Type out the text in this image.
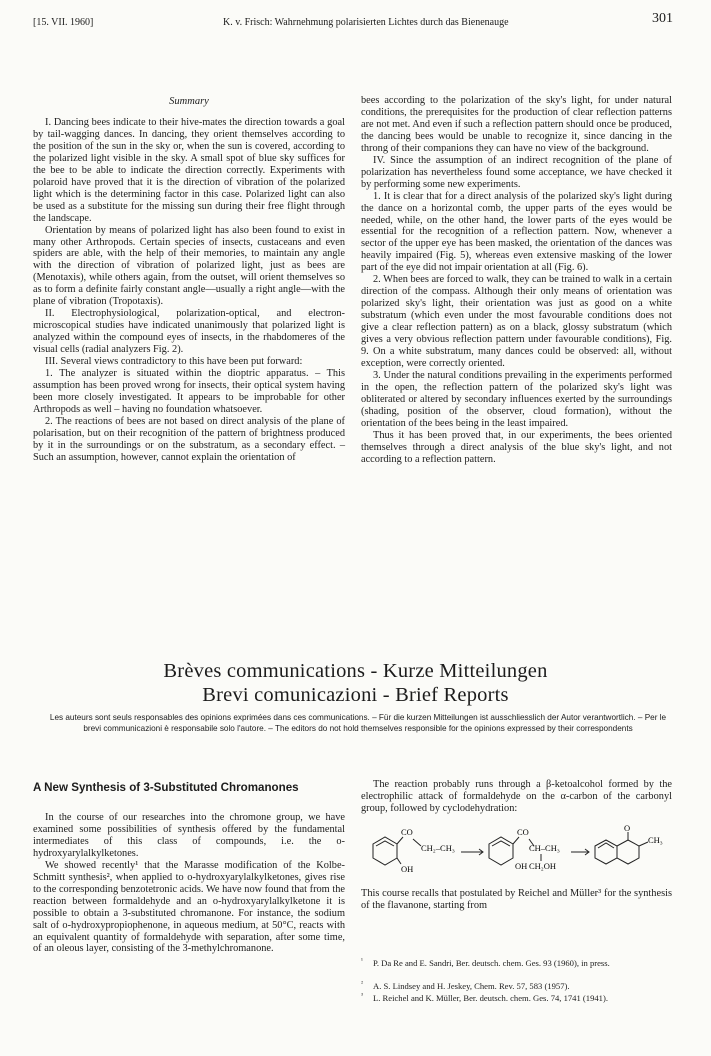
[15. VII. 1960]	K. v. Frisch: Wahrnehmung polarisierten Lichtes durch das Bienenauge	301
Summary

I. Dancing bees indicate to their hive-mates the direction towards a goal by tail-wagging dances. In dancing, they orient themselves according to the position of the sun in the sky or, when the sun is covered, according to the polarized light visible in the sky. A small spot of blue sky suffices for the bee to be able to indicate the direction correctly. Experiments with polaroid have proved that it is the direction of vibration of the polarized light which is the determining factor in this case. Polarized light can also be used as a substitute for the missing sun during their free flight through the landscape.

Orientation by means of polarized light has also been found to exist in many other Arthropods. Certain species of insects, custaceans and even spiders are able, with the help of their memories, to maintain any angle with the direction of vibration of polarized light, just as bees are (Menotaxis), while others again, from the outset, will orient themselves so as to form a definite fairly constant angle—usually a right angle—with the plane of vibration (Tropotaxis).

II. Electrophysiological, polarization-optical, and electron-microscopical studies have indicated unanimously that polarized light is analyzed within the compound eyes of insects, in the rhabdomeres of the visual cells (radial analyzers Fig. 2).

III. Several views contradictory to this have been put forward:

1. The analyzer is situated within the dioptric apparatus. – This assumption has been proved wrong for insects, their optical system having been more closely investigated. It appears to be improbable for other Arthropods as well – having no foundation whatsoever.

2. The reactions of bees are not based on direct analysis of the plane of polarisation, but on their recognition of the pattern of brightness produced by it in the surroundings or on the substratum, as a secondary effect. – Such an assumption, however, cannot explain the orientation of

bees according to the polarization of the sky's light, for under natural conditions, the prerequisites for the production of clear reflection patterns are not met. And even if such a reflection pattern should once be produced, the dancing bees would be unable to recognize it, since dancing in the throng of their companions they can have no view of the background.

IV. Since the assumption of an indirect recognition of the plane of polarization has nevertheless found some acceptance, we have checked it by performing some new experiments.

1. It is clear that for a direct analysis of the polarized sky's light during the dance on a horizontal comb, the upper parts of the eyes would be needed, while, on the other hand, the lower parts of the eyes would be essential for the recognition of a reflection pattern. Now, whenever a sector of the upper eye has been masked, the orientation of the dances was heavily impaired (Fig. 5), whereas even extensive masking of the lower part of the eye did not impair orientation at all (Fig. 6).

2. When bees are forced to walk, they can be trained to walk in a certain direction of the compass. Although their only means of orientation was polarized sky's light, their orientation was just as good on a white substratum (which even under the most favourable conditions does not give a clear reflection pattern) as on a black, glossy substratum (which gives a very obvious reflection pattern under favourable conditions), Fig. 9. On a white substratum, many dances could be observed: all, without exception, were correctly oriented.

3. Under the natural conditions prevailing in the experiments performed in the open, the reflection pattern of the polarized sky's light was obliterated or altered by secondary influences exerted by the surroundings (shading, position of the observer, cloud formation), without the orientation of the bees being in the least impaired.

Thus it has been proved that, in our experiments, the bees oriented themselves through a direct analysis of the blue sky's light, and not according to a reflection pattern.

Brèves communications - Kurze Mitteilungen
Brevi comunicazioni - Brief Reports
Les auteurs sont seuls responsables des opinions exprimées dans ces communications. – Für die kurzen Mitteilungen ist ausschliesslich der Autor verantwortlich. – Per le brevi communicazioni è responsabile solo l'autore. – The editors do not hold themselves responsible for the opinions expressed by their correspondents
A New Synthesis of 3-Substituted Chromanones

In the course of our researches into the chromone group, we have examined some possibilities of synthesis offered by the fundamental intermediates of this class of compounds, i.e. the o-hydroxyarylalkylketones.

We showed recently¹ that the Marasse modification of the Kolbe-Schmitt synthesis², when applied to o-hydroxyarylalkylketones, gives rise to the corresponding benzotetronic acids. We have now found that from the reaction between formaldehyde and an o-hydroxyarylalkylketone it is possible to obtain a 3-substituted chromanone. For instance, the sodium salt of o-hydroxypropiophenone, in aqueous medium, at 50°C, reacts with an equivalent quantity of formaldehyde with separation, after some time, of an oleous layer, consisting of the 3-methylchromanone.

The reaction probably runs through a β-ketoalcohol formed by the electrophilic attack of formaldehyde on the α-carbon of the carbonyl group, followed by cyclodehydration:

CO
CH₂–CH₃
OH
CO
CH–CH₃
OH CH₂OH
O
CH₃

This course recalls that postulated by Reichel and Müller³ for the synthesis of the flavanone, starting from

¹ P. Da Re and E. Sandri, Ber. deutsch. chem. Ges. 93 (1960), in press.
² A. S. Lindsey and H. Jeskey, Chem. Rev. 57, 583 (1957).
³ L. Reichel and K. Müller, Ber. deutsch. chem. Ges. 74, 1741 (1941).
